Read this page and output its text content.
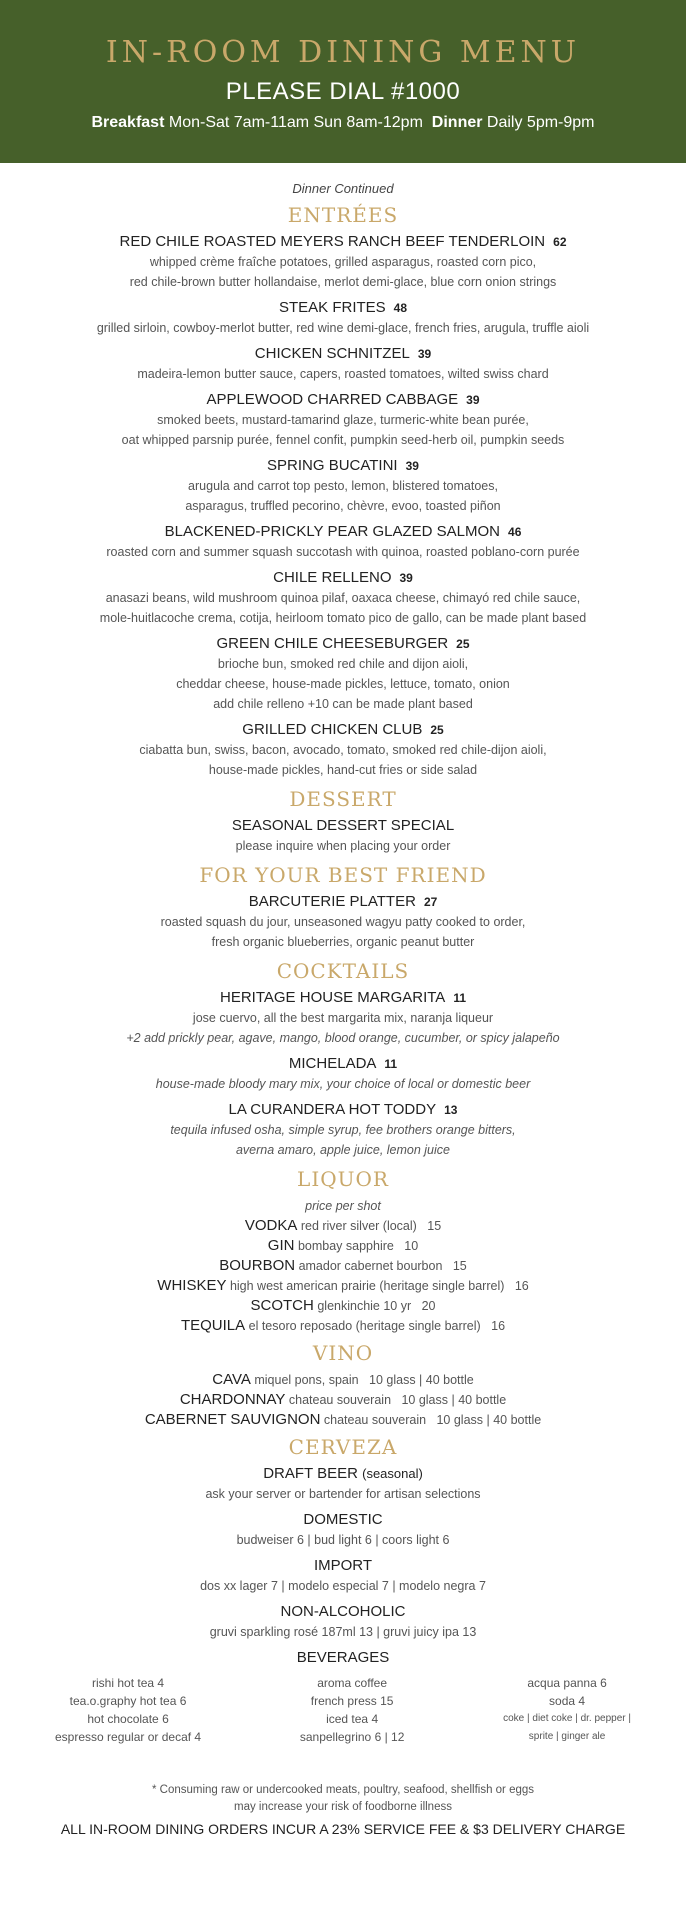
IN-ROOM DINING MENU
PLEASE DIAL #1000
Breakfast Mon-Sat 7am-11am Sun 8am-12pm Dinner Daily 5pm-9pm
Dinner Continued
ENTRÉES
RED CHILE ROASTED MEYERS RANCH BEEF TENDERLOIN 62
whipped crème fraîche potatoes, grilled asparagus, roasted corn pico,
red chile-brown butter hollandaise, merlot demi-glace, blue corn onion strings
STEAK FRITES 48
grilled sirloin, cowboy-merlot butter, red wine demi-glace, french fries, arugula, truffle aioli
CHICKEN SCHNITZEL 39
madeira-lemon butter sauce, capers, roasted tomatoes, wilted swiss chard
APPLEWOOD CHARRED CABBAGE 39
smoked beets, mustard-tamarind glaze, turmeric-white bean purée,
oat whipped parsnip purée, fennel confit, pumpkin seed-herb oil, pumpkin seeds
SPRING BUCATINI 39
arugula and carrot top pesto, lemon, blistered tomatoes,
asparagus, truffled pecorino, chèvre, evoo, toasted piñon
BLACKENED-PRICKLY PEAR GLAZED SALMON 46
roasted corn and summer squash succotash with quinoa, roasted poblano-corn purée
CHILE RELLENO 39
anasazi beans, wild mushroom quinoa pilaf, oaxaca cheese, chimayó red chile sauce,
mole-huitlacoche crema, cotija, heirloom tomato pico de gallo, can be made plant based
GREEN CHILE CHEESEBURGER 25
brioche bun, smoked red chile and dijon aioli,
cheddar cheese, house-made pickles, lettuce, tomato, onion
add chile relleno +10 can be made plant based
GRILLED CHICKEN CLUB 25
ciabatta bun, swiss, bacon, avocado, tomato, smoked red chile-dijon aioli,
house-made pickles, hand-cut fries or side salad
DESSERT
SEASONAL DESSERT SPECIAL
please inquire when placing your order
FOR YOUR BEST FRIEND
BARCUTERIE PLATTER 27
roasted squash du jour, unseasoned wagyu patty cooked to order,
fresh organic blueberries, organic peanut butter
COCKTAILS
HERITAGE HOUSE MARGARITA 11
jose cuervo, all the best margarita mix, naranja liqueur
+2 add prickly pear, agave, mango, blood orange, cucumber, or spicy jalapeño
MICHELADA 11
house-made bloody mary mix, your choice of local or domestic beer
LA CURANDERA HOT TODDY 13
tequila infused osha, simple syrup, fee brothers orange bitters,
averna amaro, apple juice, lemon juice
LIQUOR
price per shot
VODKA red river silver (local) 15
GIN bombay sapphire 10
BOURBON amador cabernet bourbon 15
WHISKEY high west american prairie (heritage single barrel) 16
SCOTCH glenkinchie 10 yr 20
TEQUILA el tesoro reposado (heritage single barrel) 16
VINO
CAVA miquel pons, spain 10 glass | 40 bottle
CHARDONNAY chateau souverain 10 glass | 40 bottle
CABERNET SAUVIGNON chateau souverain 10 glass | 40 bottle
CERVEZA
DRAFT BEER (seasonal)
ask your server or bartender for artisan selections
DOMESTIC
budweiser 6 | bud light 6 | coors light 6
IMPORT
dos xx lager 7 | modelo especial 7 | modelo negra 7
NON-ALCOHOLIC
gruvi sparkling rosé 187ml 13 | gruvi juicy ipa 13
BEVERAGES
rishi hot tea 4
tea.o.graphy hot tea 6
hot chocolate 6
espresso regular or decaf 4
aroma coffee
french press 15
iced tea 4
sanpellegrino 6 | 12
acqua panna 6
soda 4
coke | diet coke | dr. pepper |
sprite | ginger ale
* Consuming raw or undercooked meats, poultry, seafood, shellfish or eggs
may increase your risk of foodborne illness
ALL IN-ROOM DINING ORDERS INCUR A 23% SERVICE FEE & $3 DELIVERY CHARGE
